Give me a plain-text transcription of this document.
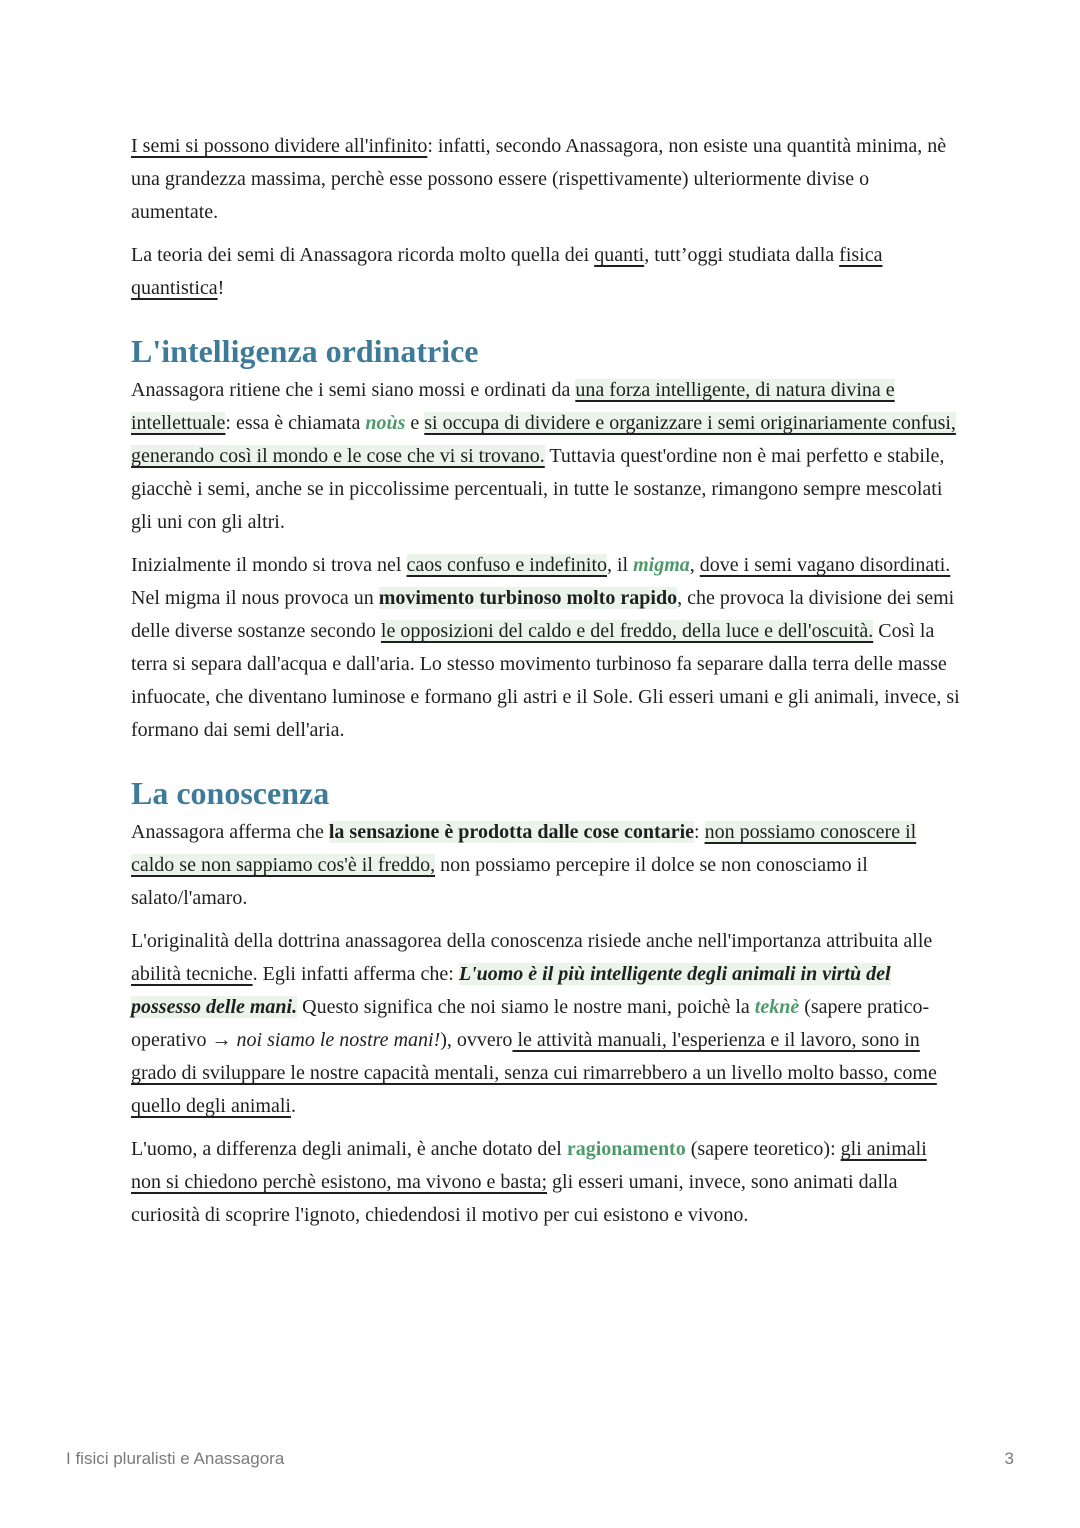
I semi si possono dividere all'infinito: infatti, secondo Anassagora, non esiste una quantità minima, nè una grandezza massima, perchè esse possono essere (rispettivamente) ulteriormente divise o aumentate.

La teoria dei semi di Anassagora ricorda molto quella dei quanti, tutt’oggi studiata dalla fisica quantistica!

L'intelligenza ordinatrice

Anassagora ritiene che i semi siano mossi e ordinati da una forza intelligente, di natura divina e intellettuale: essa è chiamata noùs e si occupa di dividere e organizzare i semi originariamente confusi, generando così il mondo e le cose che vi si trovano. Tuttavia quest'ordine non è mai perfetto e stabile, giacchè i semi, anche se in piccolissime percentuali, in tutte le sostanze, rimangono sempre mescolati gli uni con gli altri.

Inizialmente il mondo si trova nel caos confuso e indefinito, il migma, dove i semi vagano disordinati. Nel migma il nous provoca un movimento turbinoso molto rapido, che provoca la divisione dei semi delle diverse sostanze secondo le opposizioni del caldo e del freddo, della luce e dell'oscuità. Così la terra si separa dall'acqua e dall'aria. Lo stesso movimento turbinoso fa separare dalla terra delle masse infuocate, che diventano luminose e formano gli astri e il Sole. Gli esseri umani e gli animali, invece, si formano dai semi dell'aria.

La conoscenza

Anassagora afferma che la sensazione è prodotta dalle cose contarie: non possiamo conoscere il caldo se non sappiamo cos'è il freddo, non possiamo percepire il dolce se non conosciamo il salato/l'amaro.

L'originalità della dottrina anassagorea della conoscenza risiede anche nell'importanza attribuita alle abilità tecniche. Egli infatti afferma che: L'uomo è il più intelligente degli animali in virtù del possesso delle mani. Questo significa che noi siamo le nostre mani, poichè la teknè (sapere pratico-operativo → noi siamo le nostre mani!), ovvero le attività manuali, l'esperienza e il lavoro, sono in grado di sviluppare le nostre capacità mentali, senza cui rimarrebbero a un livello molto basso, come quello degli animali.

L'uomo, a differenza degli animali, è anche dotato del ragionamento (sapere teoretico): gli animali non si chiedono perchè esistono, ma vivono e basta; gli esseri umani, invece, sono animati dalla curiosità di scoprire l'ignoto, chiedendosi il motivo per cui esistono e vivono.

I fisici pluralisti e Anassagora	3
